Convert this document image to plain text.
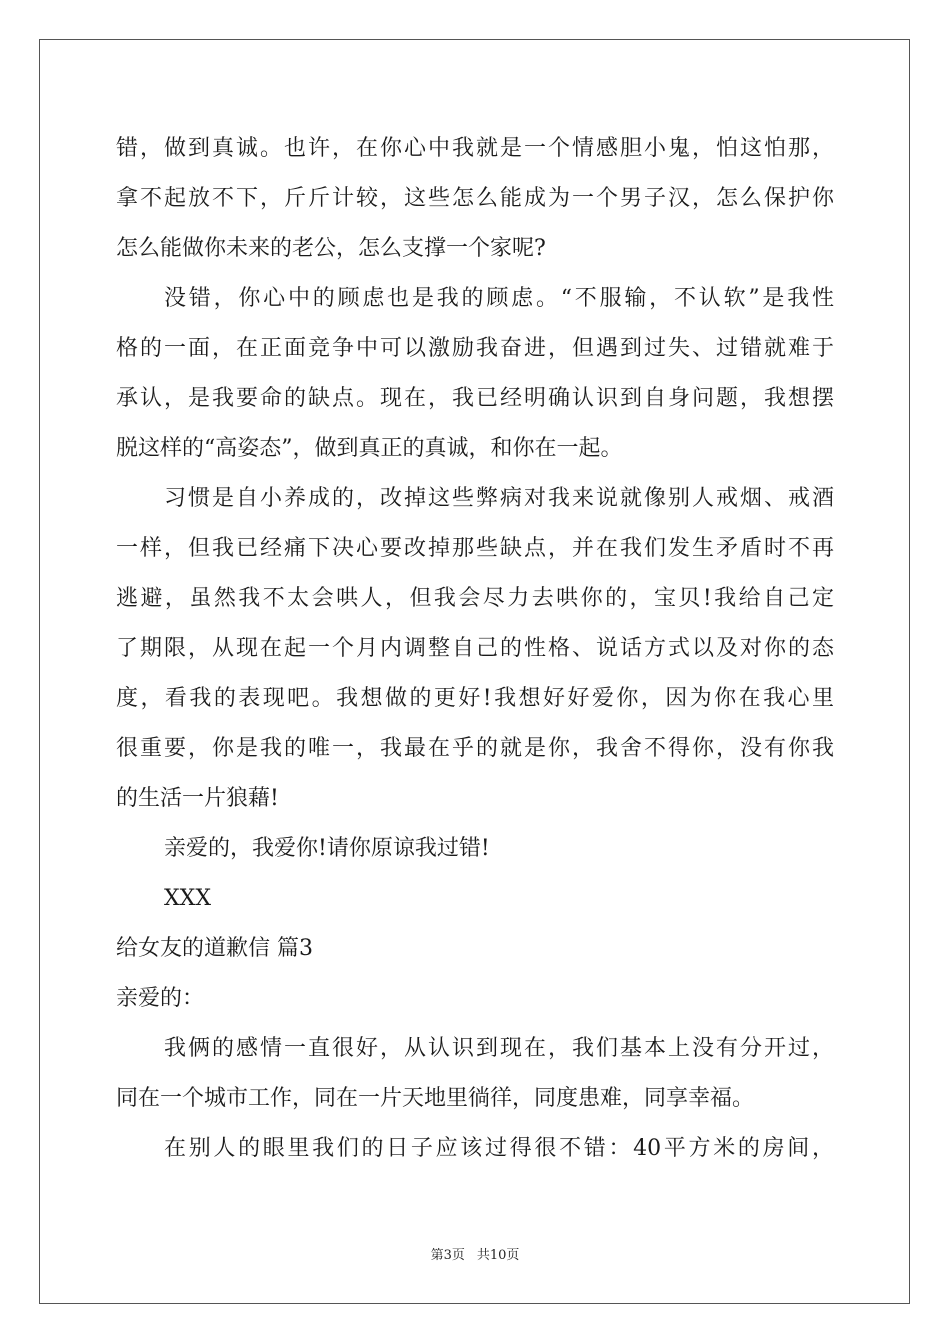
错，做到真诚。也许，在你心中我就是一个情感胆小鬼，怕这怕那，
拿不起放不下，斤斤计较，这些怎么能成为一个男子汉，怎么保护你
怎么能做你未来的老公，怎么支撑一个家呢?
没错，你心中的顾虑也是我的顾虑。“不服输，不认软”是我性
格的一面，在正面竞争中可以激励我奋进，但遇到过失、过错就难于
承认，是我要命的缺点。现在，我已经明确认识到自身问题，我想摆
脱这样的“高姿态”，做到真正的真诚，和你在一起。
习惯是自小养成的，改掉这些弊病对我来说就像别人戒烟、戒酒
一样，但我已经痛下决心要改掉那些缺点，并在我们发生矛盾时不再
逃避，虽然我不太会哄人，但我会尽力去哄你的，宝贝!我给自己定
了期限，从现在起一个月内调整自己的性格、说话方式以及对你的态
度，看我的表现吧。我想做的更好!我想好好爱你，因为你在我心里
很重要，你是我的唯一，我最在乎的就是你，我舍不得你，没有你我
的生活一片狼藉!
亲爱的，我爱你!请你原谅我过错!
XXX
给女友的道歉信 篇3
亲爱的：
我俩的感情一直很好，从认识到现在，我们基本上没有分开过，
同在一个城市工作，同在一片天地里徜徉，同度患难，同享幸福。
在别人的眼里我们的日子应该过得很不错：40平方米的房间，
第3页 共10页
